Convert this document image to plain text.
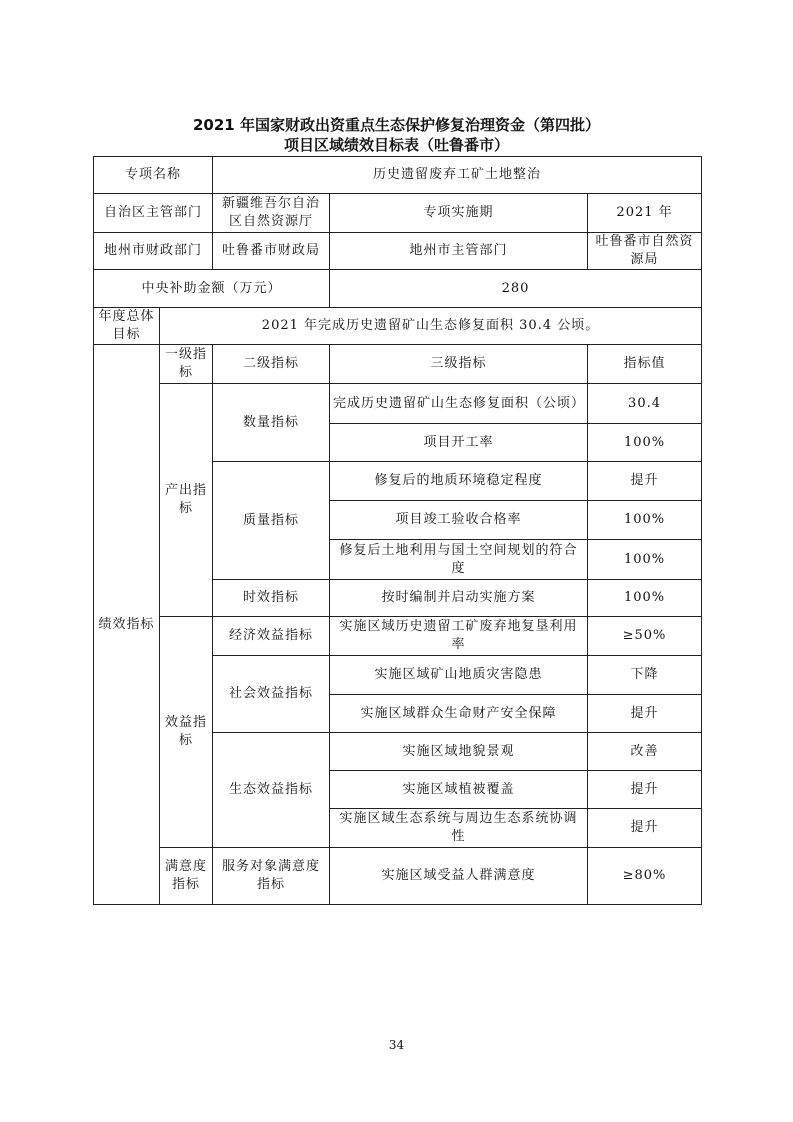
2021 年国家财政出资重点生态保护修复治理资金（第四批）
项目区域绩效目标表（吐鲁番市）
专项名称		历史遗留废弃工矿土地整治		
自治区主管部门		新疆维吾尔自治区自然资源厅	专项实施期	2021 年
地州市财政部门		吐鲁番市财政局	地州市主管部门	吐鲁番市自然资源局
中央补助金额（万元）			280	
年度总体目标	2021 年完成历史遗留矿山生态修复面积 30.4 公顷。			
绩效指标	一级指标	二级指标	三级指标	指标值
	产出指标	数量指标	完成历史遗留矿山生态修复面积（公顷）	30.4
			项目开工率	100%
		质量指标	修复后的地质环境稳定程度	提升
			项目竣工验收合格率	100%
			修复后土地利用与国土空间规划的符合度	100%
		时效指标	按时编制并启动实施方案	100%
	效益指标	经济效益指标	实施区域历史遗留工矿废弃地复垦利用率	≥50%
		社会效益指标	实施区域矿山地质灾害隐患	下降
			实施区域群众生命财产安全保障	提升
		生态效益指标	实施区域地貌景观	改善
			实施区域植被覆盖	提升
			实施区域生态系统与周边生态系统协调性	提升
	满意度指标	服务对象满意度指标	实施区域受益人群满意度	≥80%
34
